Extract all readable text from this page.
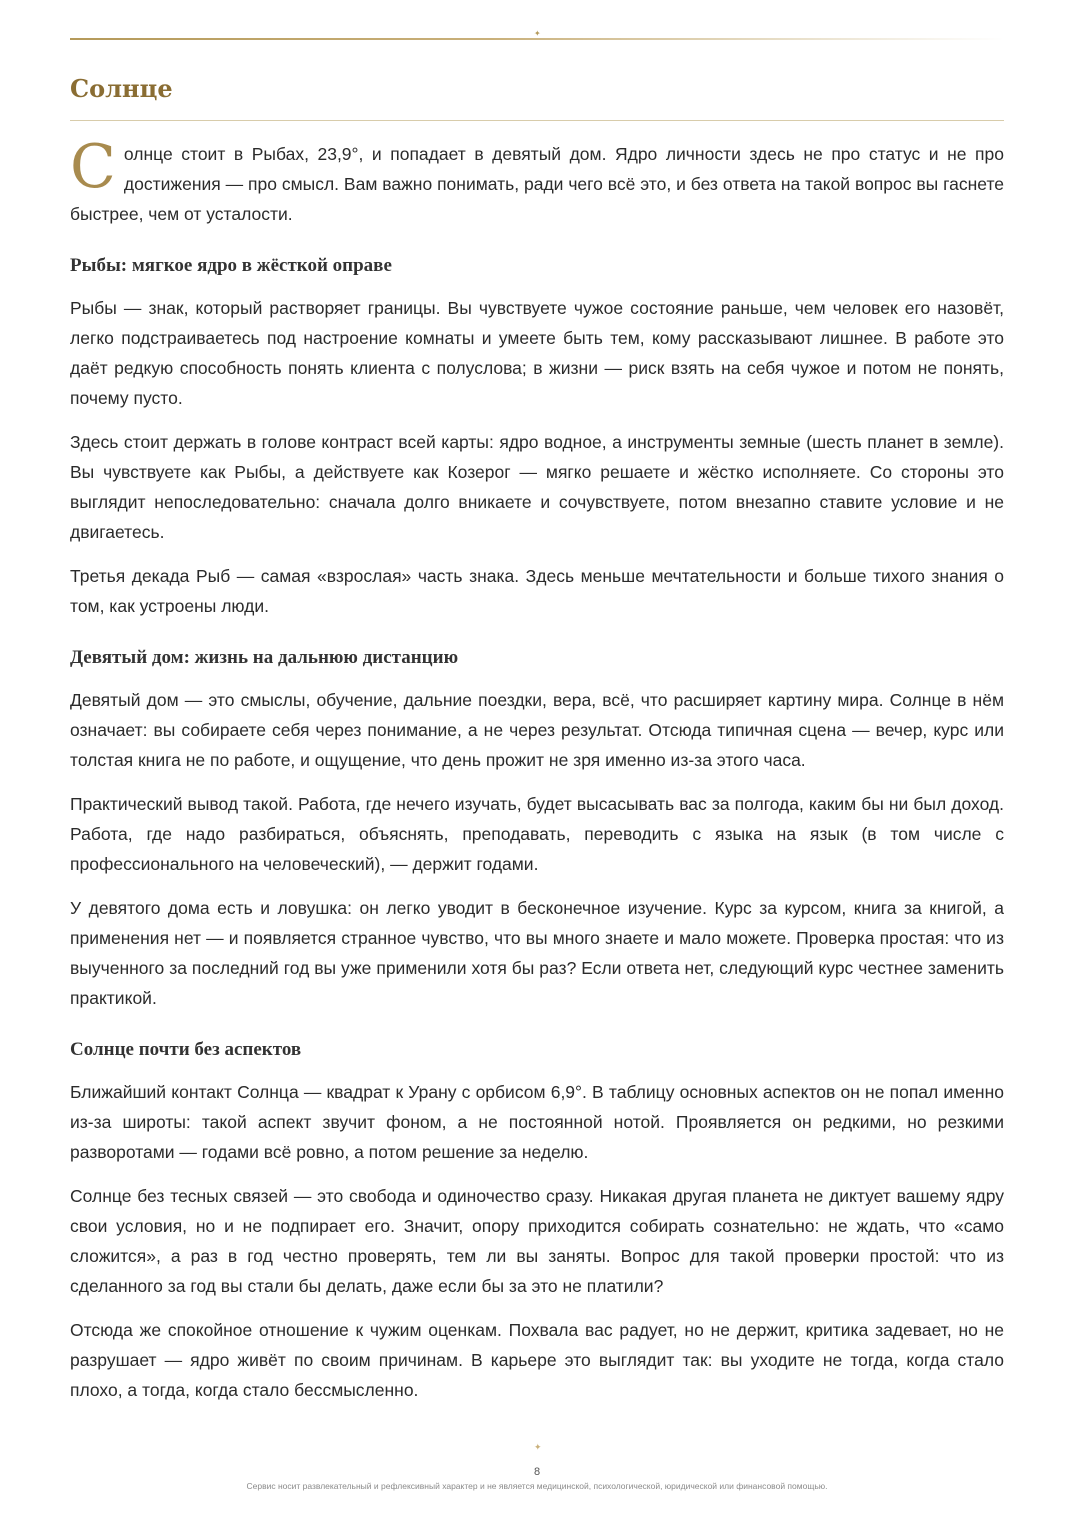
✦
Солнце

Солнце стоит в Рыбах, 23,9°, и попадает в девятый дом. Ядро личности здесь не про статус и не про достижения — про смысл. Вам важно понимать, ради чего всё это, и без ответа на такой вопрос вы гаснете быстрее, чем от усталости.

Рыбы: мягкое ядро в жёсткой оправе

Рыбы — знак, который растворяет границы. Вы чувствуете чужое состояние раньше, чем человек его назовёт, легко подстраиваетесь под настроение комнаты и умеете быть тем, кому рассказывают лишнее. В работе это даёт редкую способность понять клиента с полуслова; в жизни — риск взять на себя чужое и потом не понять, почему пусто.

Здесь стоит держать в голове контраст всей карты: ядро водное, а инструменты земные (шесть планет в земле). Вы чувствуете как Рыбы, а действуете как Козерог — мягко решаете и жёстко исполняете. Со стороны это выглядит непоследовательно: сначала долго вникаете и сочувствуете, потом внезапно ставите условие и не двигаетесь.

Третья декада Рыб — самая «взрослая» часть знака. Здесь меньше мечтательности и больше тихого знания о том, как устроены люди.

Девятый дом: жизнь на дальнюю дистанцию

Девятый дом — это смыслы, обучение, дальние поездки, вера, всё, что расширяет картину мира. Солнце в нём означает: вы собираете себя через понимание, а не через результат. Отсюда типичная сцена — вечер, курс или толстая книга не по работе, и ощущение, что день прожит не зря именно из-за этого часа.

Практический вывод такой. Работа, где нечего изучать, будет высасывать вас за полгода, каким бы ни был доход. Работа, где надо разбираться, объяснять, преподавать, переводить с языка на язык (в том числе с профессионального на человеческий), — держит годами.

У девятого дома есть и ловушка: он легко уводит в бесконечное изучение. Курс за курсом, книга за книгой, а применения нет — и появляется странное чувство, что вы много знаете и мало можете. Проверка простая: что из выученного за последний год вы уже применили хотя бы раз? Если ответа нет, следующий курс честнее заменить практикой.

Солнце почти без аспектов

Ближайший контакт Солнца — квадрат к Урану с орбисом 6,9°. В таблицу основных аспектов он не попал именно из-за широты: такой аспект звучит фоном, а не постоянной нотой. Проявляется он редкими, но резкими разворотами — годами всё ровно, а потом решение за неделю.

Солнце без тесных связей — это свобода и одиночество сразу. Никакая другая планета не диктует вашему ядру свои условия, но и не подпирает его. Значит, опору приходится собирать сознательно: не ждать, что «само сложится», а раз в год честно проверять, тем ли вы заняты. Вопрос для такой проверки простой: что из сделанного за год вы стали бы делать, даже если бы за это не платили?

Отсюда же спокойное отношение к чужим оценкам. Похвала вас радует, но не держит, критика задевает, но не разрушает — ядро живёт по своим причинам. В карьере это выглядит так: вы уходите не тогда, когда стало плохо, а тогда, когда стало бессмысленно.

✦
8
Сервис носит развлекательный и рефлексивный характер и не является медицинской, психологической, юридической или финансовой помощью.
